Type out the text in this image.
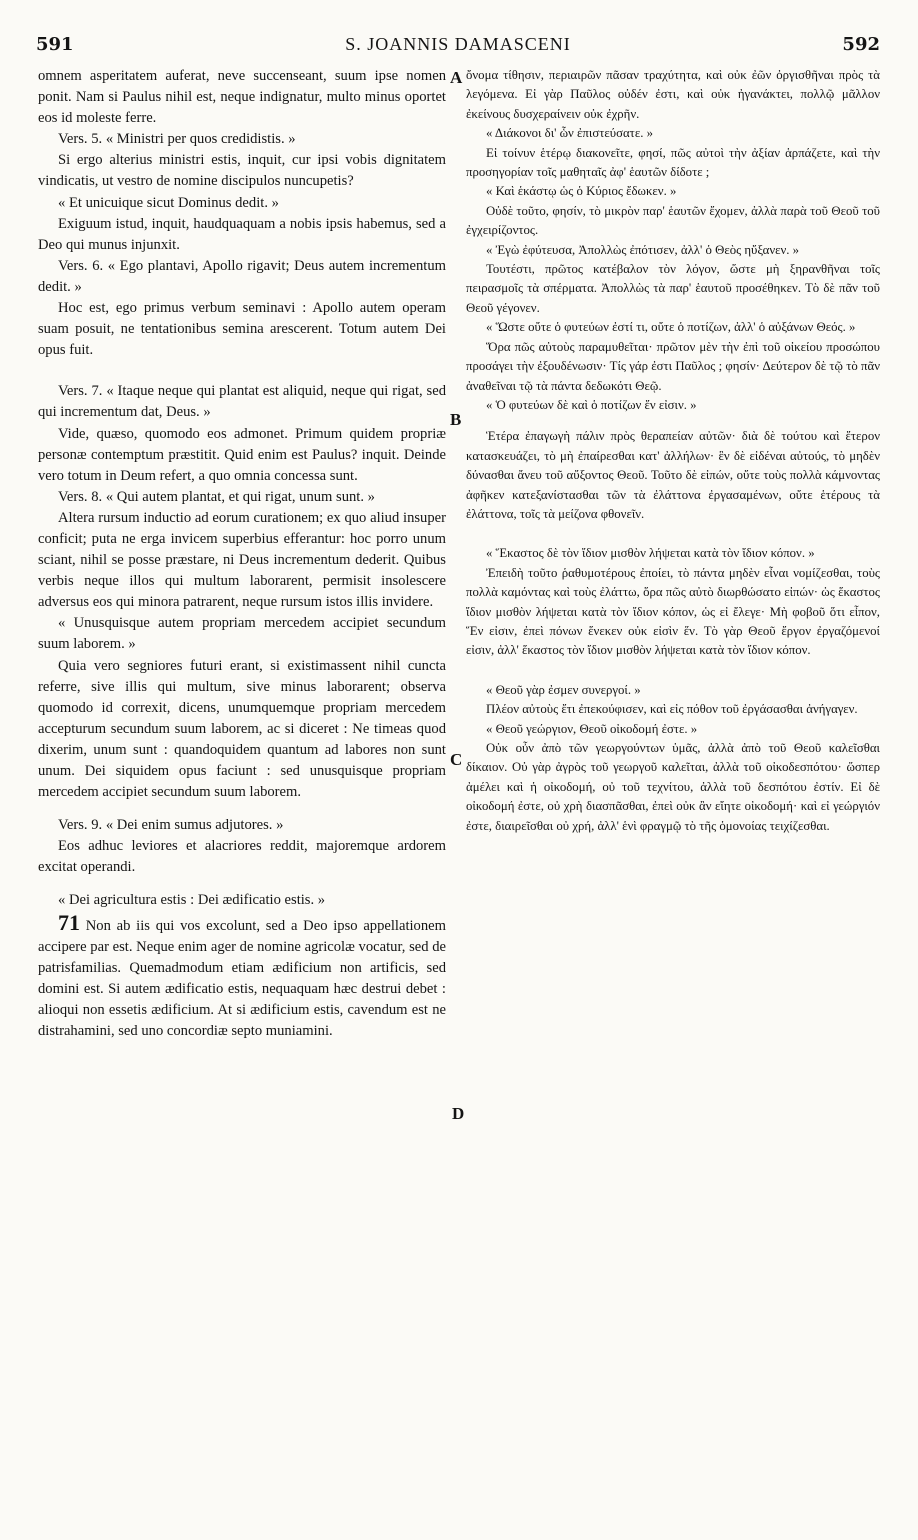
591	S. JOANNIS DAMASCENI	592
A
B
C
D

omnem asperitatem auferat, neve succenseant, suum ipse nomen ponit. Nam si Paulus nihil est, neque indignatur, multo minus oportet eos id moleste ferre.

Vers. 5. « Ministri per quos credidistis. »

Si ergo alterius ministri estis, inquit, cur ipsi vobis dignitatem vindicatis, ut vestro de nomine discipulos nuncupetis?

« Et unicuique sicut Dominus dedit. »

Exiguum istud, inquit, haudquaquam a nobis ipsis habemus, sed a Deo qui munus injunxit.

Vers. 6. « Ego plantavi, Apollo rigavit; Deus autem incrementum dedit. »

Hoc est, ego primus verbum seminavi : Apollo autem operam suam posuit, ne tentationibus semina arescerent. Totum autem Dei opus fuit.

Vers. 7. « Itaque neque qui plantat est aliquid, neque qui rigat, sed qui incrementum dat, Deus. »

Vide, quæso, quomodo eos admonet. Primum quidem propriæ personæ contemptum præstitit. Quid enim est Paulus? inquit. Deinde vero totum in Deum refert, a quo omnia concessa sunt.

Vers. 8. « Qui autem plantat, et qui rigat, unum sunt. »

Altera rursum inductio ad eorum curationem; ex quo aliud insuper conficit; puta ne erga invicem superbius efferantur: hoc porro unum sciant, nihil se posse præstare, ni Deus incrementum dederit. Quibus verbis neque illos qui multum laborarent, permisit insolescere adversus eos qui minora patrarent, neque rursum istos illis invidere.

« Unusquisque autem propriam mercedem accipiet secundum suum laborem. »

Quia vero segniores futuri erant, si existimassent nihil cuncta referre, sive illis qui multum, sive minus laborarent; observa quomodo id correxit, dicens, unumquemque propriam mercedem accepturum secundum suum laborem, ac si diceret : Ne timeas quod dixerim, unum sunt : quandoquidem quantum ad labores non sunt unum. Dei siquidem opus faciunt : sed unusquisque propriam mercedem accipiet secundum suum laborem.

Vers. 9. « Dei enim sumus adjutores. »

Eos adhuc leviores et alacriores reddit, majoremque ardorem excitat operandi.

« Dei agricultura estis : Dei ædificatio estis. »

71 Non ab iis qui vos excolunt, sed a Deo ipso appellationem accipere par est. Neque enim ager de nomine agricolæ vocatur, sed de patrisfamilias. Quemadmodum etiam ædificium non artificis, sed domini est. Si autem ædificatio estis, nequaquam hæc destrui debet : alioqui non essetis ædificium. At si ædificium estis, cavendum est ne distrahamini, sed uno concordiæ septo muniamini.

ὄνομα τίθησιν, περιαιρῶν πᾶσαν τραχύτητα, καὶ οὐκ ἐῶν ὀργισθῆναι πρὸς τὰ λεγόμενα. Εἰ γὰρ Παῦλος οὐδέν ἐστι, καὶ οὐκ ἠγανάκτει, πολλῷ μᾶλλον ἐκείνους δυσχεραίνειν οὐκ ἐχρῆν.

« Διάκονοι δι' ὧν ἐπιστεύσατε. »

Εἰ τοίνυν ἑτέρῳ διακονεῖτε, φησί, πῶς αὐτοὶ τὴν ἀξίαν ἁρπάζετε, καὶ τὴν προσηγορίαν τοῖς μαθηταῖς ἀφ' ἑαυτῶν δίδοτε ;

« Καὶ ἑκάστῳ ὡς ὁ Κύριος ἔδωκεν. »

Οὐδὲ τοῦτο, φησίν, τὸ μικρὸν παρ' ἑαυτῶν ἔχομεν, ἀλλὰ παρὰ τοῦ Θεοῦ τοῦ ἐγχειρίζοντος.

« Ἐγὼ ἐφύτευσα, Ἀπολλὼς ἐπότισεν, ἀλλ' ὁ Θεὸς ηὔξανεν. »

Τουτέστι, πρῶτος κατέβαλον τὸν λόγον, ὥστε μὴ ξηρανθῆναι τοῖς πειρασμοῖς τὰ σπέρματα. Ἀπολλὼς τὰ παρ' ἑαυτοῦ προσέθηκεν. Τὸ δὲ πᾶν τοῦ Θεοῦ γέγονεν.

« Ὥστε οὔτε ὁ φυτεύων ἐστί τι, οὔτε ὁ ποτίζων, ἀλλ' ὁ αὐξάνων Θεός. »

Ὅρα πῶς αὐτοὺς παραμυθεῖται· πρῶτον μὲν τὴν ἐπὶ τοῦ οἰκείου προσώπου προσάγει τὴν ἐξουδένωσιν· Τίς γάρ ἐστι Παῦλος ; φησίν· Δεύτερον δὲ τῷ τὸ πᾶν ἀναθεῖναι τῷ τὰ πάντα δεδωκότι Θεῷ.

« Ὁ φυτεύων δὲ καὶ ὁ ποτίζων ἕν εἰσιν. »

Ἑτέρα ἐπαγωγὴ πάλιν πρὸς θεραπείαν αὐτῶν· διὰ δὲ τούτου καὶ ἕτερον κατασκευάζει, τὸ μὴ ἐπαίρεσθαι κατ' ἀλλήλων· ἓν δὲ εἰδέναι αὐτούς, τὸ μηδὲν δύνασθαι ἄνευ τοῦ αὔξοντος Θεοῦ. Τοῦτο δὲ εἰπών, οὔτε τοὺς πολλὰ κάμνοντας ἀφῆκεν κατεξανίστασθαι τῶν τὰ ἐλάττονα ἐργασαμένων, οὔτε ἑτέρους τὰ ἐλάττονα, τοῖς τὰ μείζονα φθονεῖν.

« Ἕκαστος δὲ τὸν ἴδιον μισθὸν λήψεται κατὰ τὸν ἴδιον κόπον. »

Ἐπειδὴ τοῦτο ῥαθυμοτέρους ἐποίει, τὸ πάντα μηδὲν εἶναι νομίζεσθαι, τοὺς πολλὰ καμόντας καὶ τοὺς ἐλάττω, ὅρα πῶς αὐτὸ διωρθώσατο εἰπών· ὡς ἕκαστος ἴδιον μισθὸν λήψεται κατὰ τὸν ἴδιον κόπον, ὡς εἰ ἔλεγε· Μὴ φοβοῦ ὅτι εἶπον, Ἕν εἰσιν, ἐπεὶ πόνων ἕνεκεν οὐκ εἰσὶν ἕν. Τὸ γὰρ Θεοῦ ἔργον ἐργαζόμενοί εἰσιν, ἀλλ' ἕκαστος τὸν ἴδιον μισθὸν λήψεται κατὰ τὸν ἴδιον κόπον.

« Θεοῦ γὰρ ἐσμεν συνεργοί. »

Πλέον αὐτοὺς ἔτι ἐπεκούφισεν, καὶ εἰς πόθον τοῦ ἐργάσασθαι ἀνήγαγεν.

« Θεοῦ γεώργιον, Θεοῦ οἰκοδομή ἐστε. »

Οὐκ οὖν ἀπὸ τῶν γεωργούντων ὑμᾶς, ἀλλὰ ἀπὸ τοῦ Θεοῦ καλεῖσθαι δίκαιον. Οὐ γὰρ ἀγρὸς τοῦ γεωργοῦ καλεῖται, ἀλλὰ τοῦ οἰκοδεσπότου· ὥσπερ ἀμέλει καὶ ἡ οἰκοδομή, οὐ τοῦ τεχνίτου, ἀλλὰ τοῦ δεσπότου ἐστίν. Εἰ δὲ οἰκοδομή ἐστε, οὐ χρὴ διασπᾶσθαι, ἐπεὶ οὐκ ἂν εἴητε οἰκοδομή· καὶ εἰ γεώργιόν ἐστε, διαιρεῖσθαι οὐ χρή, ἀλλ' ἑνὶ φραγμῷ τὸ τῆς ὁμονοίας τειχίζεσθαι.
